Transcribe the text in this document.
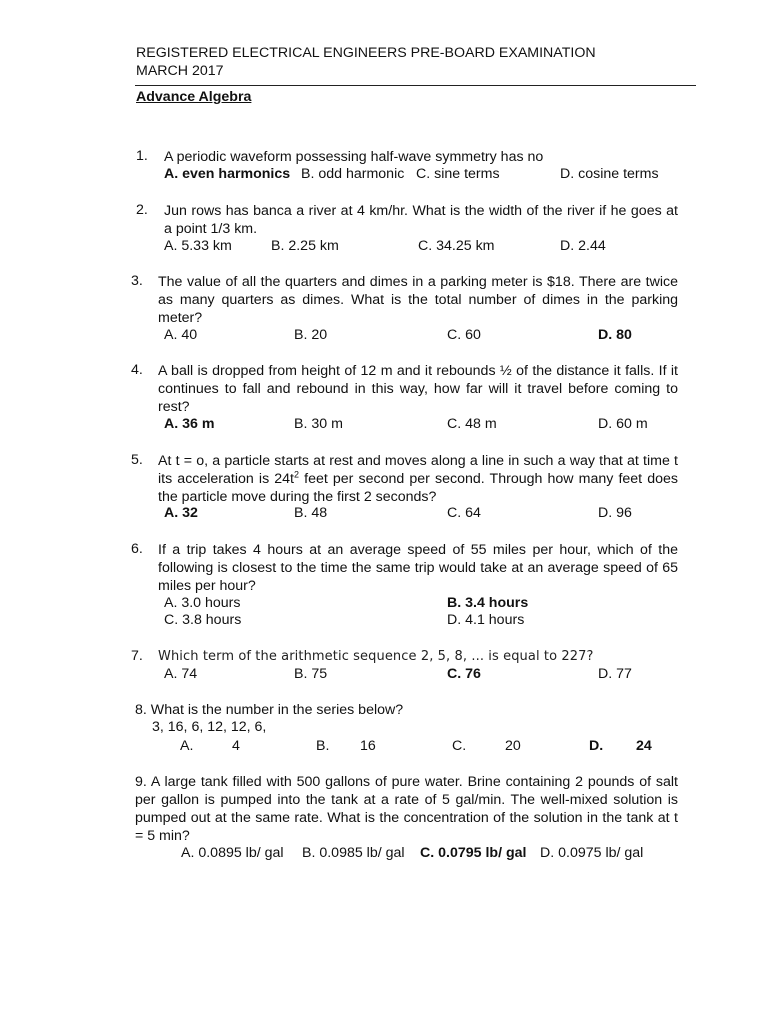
REGISTERED ELECTRICAL ENGINEERS PRE-BOARD EXAMINATION
MARCH 2017
Advance Algebra
1. A periodic waveform possessing half-wave symmetry has no
A. even harmonics B. odd harmonic C. sine terms	D. cosine terms
2. Jun rows has banca a river at 4 km/hr. What is the width of the river if he goes at a point 1/3 km.
A. 5.33 km	B. 2.25 km	C. 34.25 km	D. 2.44
3. The value of all the quarters and dimes in a parking meter is $18. There are twice as many quarters as dimes. What is the total number of dimes in the parking meter?
A. 40	B. 20	C. 60	D. 80
4. A ball is dropped from height of 12 m and it rebounds ½ of the distance it falls. If it continues to fall and rebound in this way, how far will it travel before coming to rest?
A. 36 m	B. 30 m	C. 48 m	D. 60 m
5. At t = o, a particle starts at rest and moves along a line in such a way that at time t its acceleration is $24t^2$ feet per second per second. Through how many feet does the particle move during the first 2 seconds?
A. 32	B. 48	C. 64	D. 96
6. If a trip takes 4 hours at an average speed of 55 miles per hour, which of the following is closest to the time the same trip would take at an average speed of 65 miles per hour?
A. 3.0 hours	B. 3.4 hours
C. 3.8 hours	D. 4.1 hours
7. Which term of the arithmetic sequence 2, 5, 8, ... is equal to 227?
A. 74	B. 75	C. 76	D. 77
8. What is the number in the series below?
3, 16, 6, 12, 12, 6,
A.	4	B. 16	C.	20	D. 24
9. A large tank filled with 500 gallons of pure water. Brine containing 2 pounds of salt per gallon is pumped into the tank at a rate of 5 gal/min. The well-mixed solution is pumped out at the same rate. What is the concentration of the solution in the tank at t = 5 min?
A. 0.0895 lb/ gal B. 0.0985 lb/ gal C. 0.0795 lb/ gal D. 0.0975 lb/ gal
